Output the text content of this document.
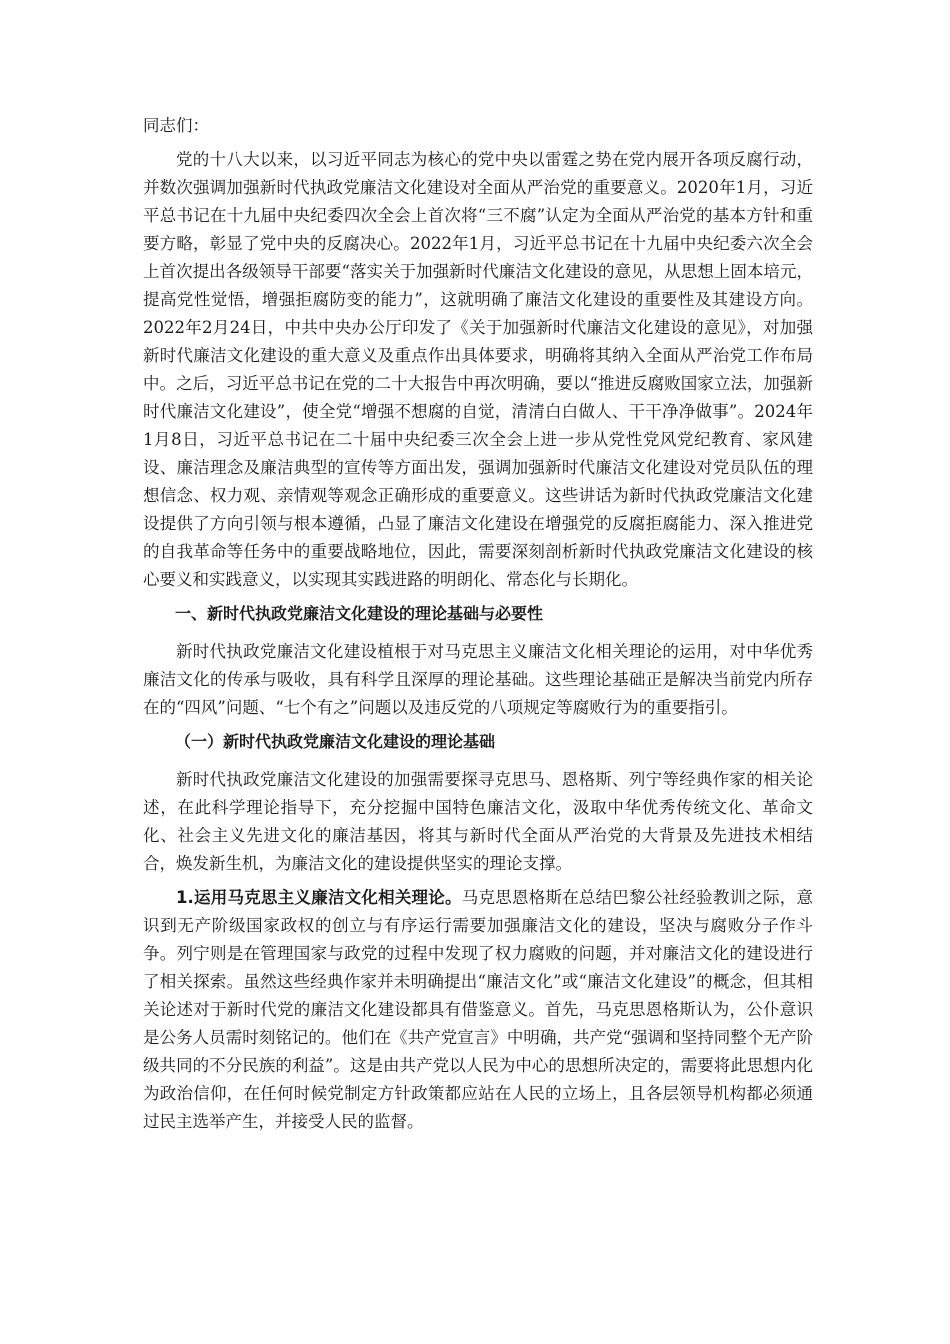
同志们：

党的十八大以来，以习近平同志为核心的党中央以雷霆之势在党内展开各项反腐行动，并数次强调加强新时代执政党廉洁文化建设对全面从严治党的重要意义。2020年1月，习近平总书记在十九届中央纪委四次全会上首次将“三不腐”认定为全面从严治党的基本方针和重要方略，彰显了党中央的反腐决心。2022年1月，习近平总书记在十九届中央纪委六次全会上首次提出各级领导干部要“落实关于加强新时代廉洁文化建设的意见，从思想上固本培元，提高党性觉悟，增强拒腐防变的能力”，这就明确了廉洁文化建设的重要性及其建设方向。2022年2月24日，中共中央办公厅印发了《关于加强新时代廉洁文化建设的意见》，对加强新时代廉洁文化建设的重大意义及重点作出具体要求，明确将其纳入全面从严治党工作布局中。之后，习近平总书记在党的二十大报告中再次明确，要以“推进反腐败国家立法，加强新时代廉洁文化建设”，使全党“增强不想腐的自觉，清清白白做人、干干净净做事”。2024年1月8日，习近平总书记在二十届中央纪委三次全会上进一步从党性党风党纪教育、家风建设、廉洁理念及廉洁典型的宣传等方面出发，强调加强新时代廉洁文化建设对党员队伍的理想信念、权力观、亲情观等观念正确形成的重要意义。这些讲话为新时代执政党廉洁文化建设提供了方向引领与根本遵循，凸显了廉洁文化建设在增强党的反腐拒腐能力、深入推进党的自我革命等任务中的重要战略地位，因此，需要深刻剖析新时代执政党廉洁文化建设的核心要义和实践意义，以实现其实践进路的明朗化、常态化与长期化。

一、新时代执政党廉洁文化建设的理论基础与必要性

新时代执政党廉洁文化建设植根于对马克思主义廉洁文化相关理论的运用，对中华优秀廉洁文化的传承与吸收，具有科学且深厚的理论基础。这些理论基础正是解决当前党内所存在的“四风”问题、“七个有之”问题以及违反党的八项规定等腐败行为的重要指引。

（一）新时代执政党廉洁文化建设的理论基础

新时代执政党廉洁文化建设的加强需要探寻克思马、恩格斯、列宁等经典作家的相关论述，在此科学理论指导下，充分挖掘中国特色廉洁文化，汲取中华优秀传统文化、革命文化、社会主义先进文化的廉洁基因，将其与新时代全面从严治党的大背景及先进技术相结合，焕发新生机，为廉洁文化的建设提供坚实的理论支撑。

1.运用马克思主义廉洁文化相关理论。马克思恩格斯在总结巴黎公社经验教训之际，意识到无产阶级国家政权的创立与有序运行需要加强廉洁文化的建设，坚决与腐败分子作斗争。列宁则是在管理国家与政党的过程中发现了权力腐败的问题，并对廉洁文化的建设进行了相关探索。虽然这些经典作家并未明确提出“廉洁文化”或“廉洁文化建设”的概念，但其相关论述对于新时代党的廉洁文化建设都具有借鉴意义。首先，马克思恩格斯认为，公仆意识是公务人员需时刻铭记的。他们在《共产党宣言》中明确，共产党“强调和坚持同整个无产阶级共同的不分民族的利益”。这是由共产党以人民为中心的思想所决定的，需要将此思想内化为政治信仰，在任何时候党制定方针政策都应站在人民的立场上，且各层领导机构都必须通过民主选举产生，并接受人民的监督。
